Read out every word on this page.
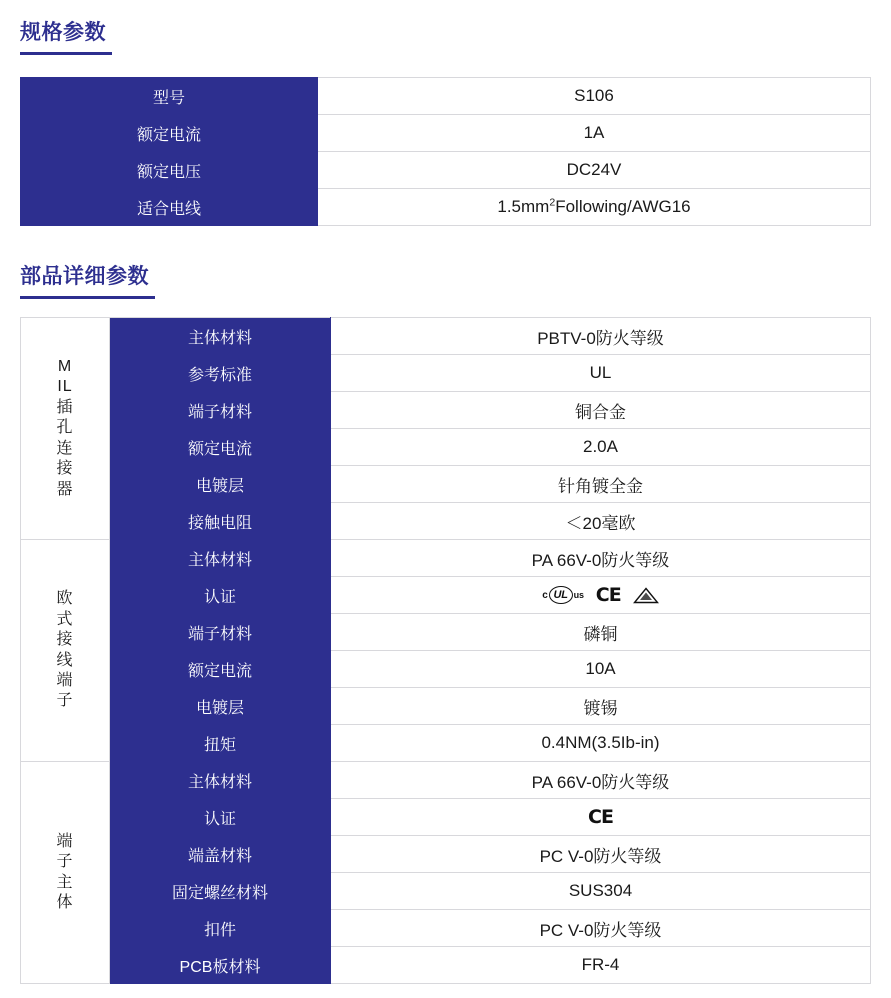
规格参数
型号	S106
额定电流	1A
额定电压	DC24V
适合电线	$1.5mm^2Following/AWG16$
部品详细参数
MIL插孔连接器	主体材料	PBTV-0防火等级
	参考标准	UL
	端子材料	铜合金
	额定电流	2.0A
	电镀层	针角镀全金
	接触电阻	＜20毫欧

欧式接线端子	主体材料	PA 66V-0防火等级
	认证	c UL us CE

	端子材料	磷铜
	额定电流	10A
	电镀层	镀锡
	扭矩	0.4NM(3.5Ib-in)

端子主体	主体材料	PA 66V-0防火等级
	认证	CE

	端盖材料	PC V-0防火等级
	固定螺丝材料	SUS304
	扣件	PC V-0防火等级
	PCB板材料	FR-4
